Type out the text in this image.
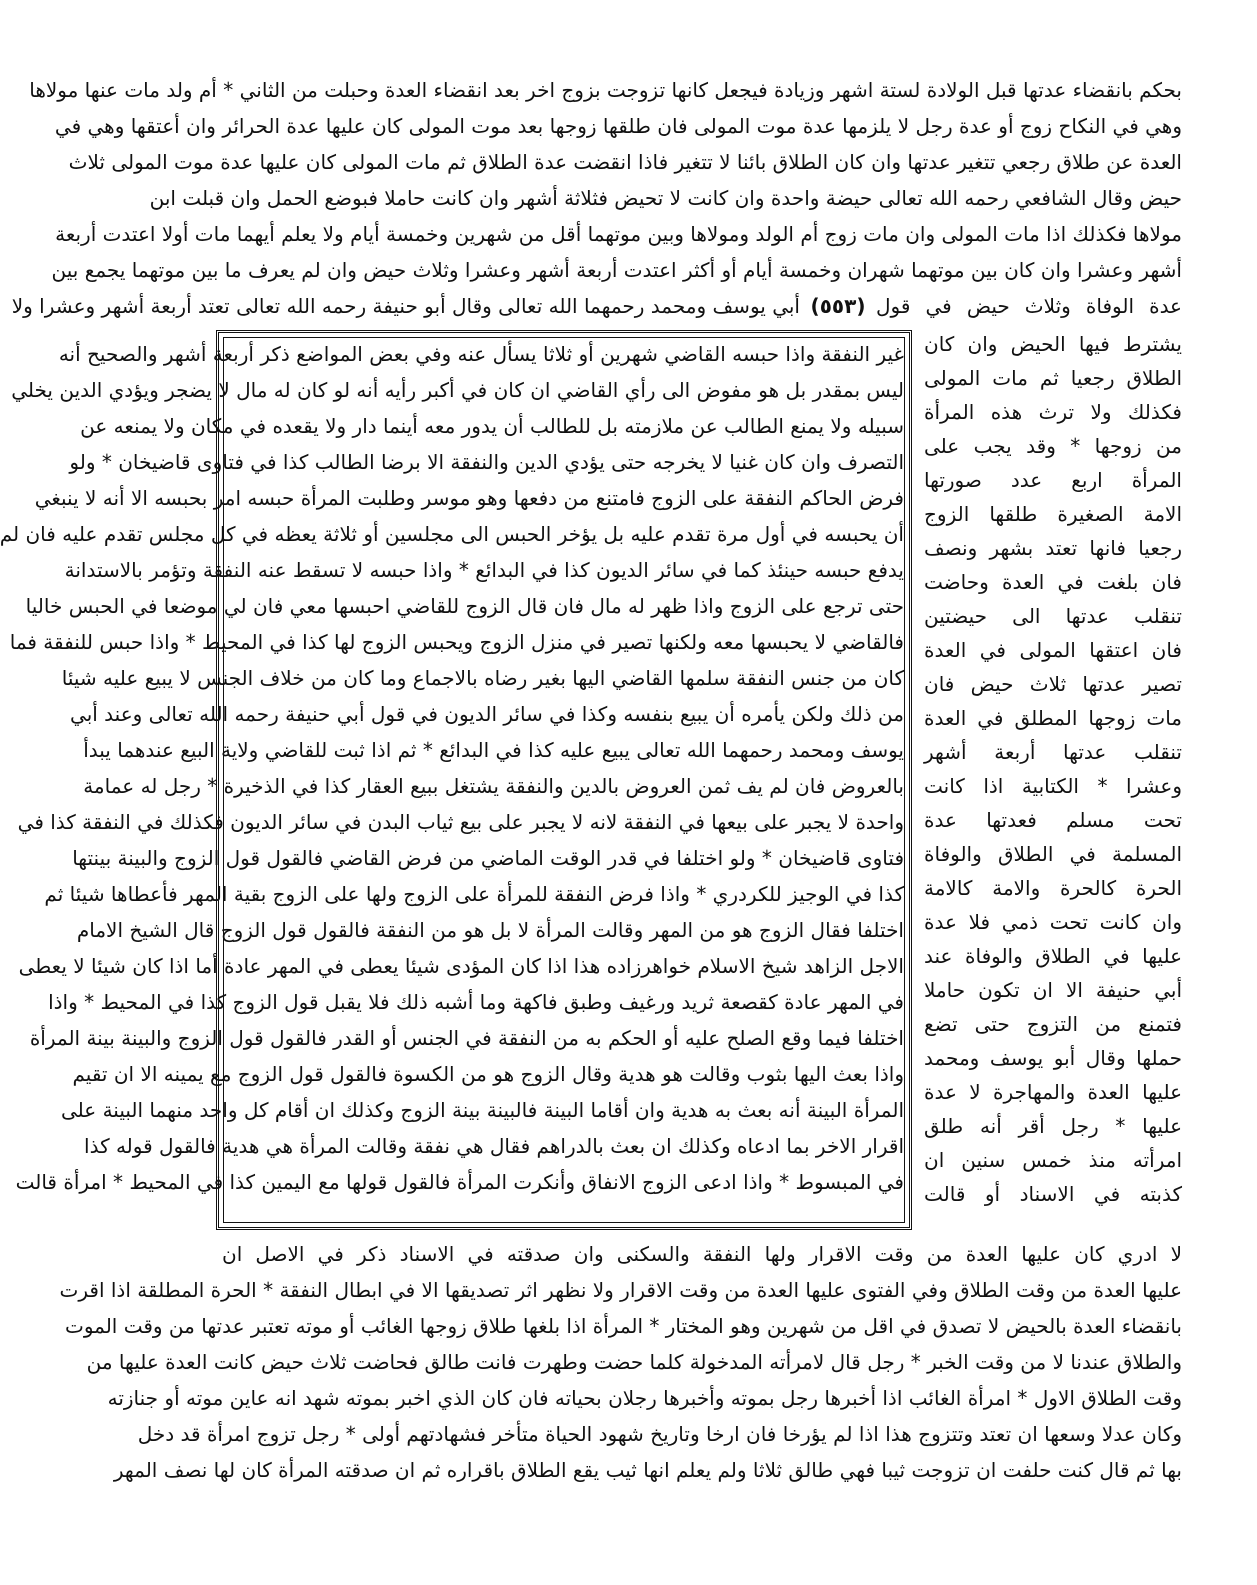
بحكم بانقضاء عدتها قبل الولادة لستة اشهر وزيادة فيجعل كانها تزوجت بزوج اخر بعد انقضاء العدة وحبلت من الثاني * أم ولد مات عنها مولاها
وهي في النكاح زوج أو عدة رجل لا يلزمها عدة موت المولى فان طلقها زوجها بعد موت المولى كان عليها عدة الحرائر وان أعتقها وهي في
العدة عن طلاق رجعي تتغير عدتها وان كان الطلاق بائنا لا تتغير فاذا انقضت عدة الطلاق ثم مات المولى كان عليها عدة موت المولى ثلاث
حيض وقال الشافعي رحمه الله تعالى حيضة واحدة وان كانت لا تحيض فثلاثة أشهر وان كانت حاملا فبوضع الحمل وان قبلت ابن
مولاها فكذلك اذا مات المولى وان مات زوج أم الولد ومولاها وبين موتهما أقل من شهرين وخمسة أيام ولا يعلم أيهما مات أولا اعتدت أربعة
أشهر وعشرا وان كان بين موتهما شهران وخمسة أيام أو أكثر اعتدت أربعة أشهر وعشرا وثلاث حيض وان لم يعرف ما بين موتهما يجمع بين
عدة الوفاة وثلاث حيض في قول
(٥٥٣)
أبي يوسف ومحمد رحمهما الله تعالى وقال أبو حنيفة رحمه الله تعالى تعتد أربعة أشهر وعشرا ولا
يشترط فيها الحيض وان كان
الطلاق رجعيا ثم مات المولى
فكذلك ولا ترث هذه المرأة
من زوجها * وقد يجب على
المرأة اربع عدد صورتها
الامة الصغيرة طلقها الزوج
رجعيا فانها تعتد بشهر ونصف
فان بلغت في العدة وحاضت
تنقلب عدتها الى حيضتين
فان اعتقها المولى في العدة
تصير عدتها ثلاث حيض فان
مات زوجها المطلق في العدة
تنقلب عدتها أربعة أشهر
وعشرا * الكتابية اذا كانت
تحت مسلم فعدتها عدة
المسلمة في الطلاق والوفاة
الحرة كالحرة والامة كالامة
وان كانت تحت ذمي فلا عدة
عليها في الطلاق والوفاة عند
أبي حنيفة الا ان تكون حاملا
فتمنع من التزوج حتى تضع
حملها وقال أبو يوسف ومحمد
عليها العدة والمهاجرة لا عدة
عليها * رجل أقر أنه طلق
امرأته منذ خمس سنين ان
كذبته في الاسناد أو قالت
غير النفقة واذا حبسه القاضي شهرين أو ثلاثا يسأل عنه وفي بعض المواضع ذكر أربعة أشهر والصحيح أنه
ليس بمقدر بل هو مفوض الى رأي القاضي ان كان في أكبر رأيه أنه لو كان له مال لا يضجر ويؤدي الدين يخلي
سبيله ولا يمنع الطالب عن ملازمته بل للطالب أن يدور معه أينما دار ولا يقعده في مكان ولا يمنعه عن
التصرف وان كان غنيا لا يخرجه حتى يؤدي الدين والنفقة الا برضا الطالب كذا في فتاوى قاضيخان * ولو
فرض الحاكم النفقة على الزوج فامتنع من دفعها وهو موسر وطلبت المرأة حبسه امر بحبسه الا أنه لا ينبغي
أن يحبسه في أول مرة تقدم عليه بل يؤخر الحبس الى مجلسين أو ثلاثة يعظه في كل مجلس تقدم عليه فان لم
يدفع حبسه حينئذ كما في سائر الديون كذا في البدائع * واذا حبسه لا تسقط عنه النفقة وتؤمر بالاستدانة
حتى ترجع على الزوج واذا ظهر له مال فان قال الزوج للقاضي احبسها معي فان لي موضعا في الحبس خاليا
فالقاضي لا يحبسها معه ولكنها تصير في منزل الزوج ويحبس الزوج لها كذا في المحيط * واذا حبس للنفقة فما
كان من جنس النفقة سلمها القاضي اليها بغير رضاه بالاجماع وما كان من خلاف الجنس لا يبيع عليه شيئا
من ذلك ولكن يأمره أن يبيع بنفسه وكذا في سائر الديون في قول أبي حنيفة رحمه الله تعالى وعند أبي
يوسف ومحمد رحمهما الله تعالى يبيع عليه كذا في البدائع * ثم اذا ثبت للقاضي ولاية البيع عندهما يبدأ
بالعروض فان لم يف ثمن العروض بالدين والنفقة يشتغل ببيع العقار كذا في الذخيرة * رجل له عمامة
واحدة لا يجبر على بيعها في النفقة لانه لا يجبر على بيع ثياب البدن في سائر الديون فكذلك في النفقة كذا في
فتاوى قاضيخان * ولو اختلفا في قدر الوقت الماضي من فرض القاضي فالقول قول الزوج والبينة بينتها
كذا في الوجيز للكردري * واذا فرض النفقة للمرأة على الزوج ولها على الزوج بقية المهر فأعطاها شيئا ثم
اختلفا فقال الزوج هو من المهر وقالت المرأة لا بل هو من النفقة فالقول قول الزوج قال الشيخ الامام
الاجل الزاهد شيخ الاسلام خواهرزاده هذا اذا كان المؤدى شيئا يعطى في المهر عادة أما اذا كان شيئا لا يعطى
في المهر عادة كقصعة ثريد ورغيف وطبق فاكهة وما أشبه ذلك فلا يقبل قول الزوج كذا في المحيط * واذا
اختلفا فيما وقع الصلح عليه أو الحكم به من النفقة في الجنس أو القدر فالقول قول الزوج والبينة بينة المرأة
واذا بعث اليها بثوب وقالت هو هدية وقال الزوج هو من الكسوة فالقول قول الزوج مع يمينه الا ان تقيم
المرأة البينة أنه بعث به هدية وان أقاما البينة فالبينة بينة الزوج وكذلك ان أقام كل واحد منهما البينة على
اقرار الاخر بما ادعاه وكذلك ان بعث بالدراهم فقال هي نفقة وقالت المرأة هي هدية فالقول قوله كذا
في المبسوط * واذا ادعى الزوج الانفاق وأنكرت المرأة فالقول قولها مع اليمين كذا في المحيط * امرأة قالت
لا ادري كان عليها العدة من وقت الاقرار ولها النفقة والسكنى وان صدقته في الاسناد ذكر في الاصل ان
عليها العدة من وقت الطلاق وفي الفتوى عليها العدة من وقت الاقرار ولا نظهر اثر تصديقها الا في ابطال النفقة * الحرة المطلقة اذا اقرت
بانقضاء العدة بالحيض لا تصدق في اقل من شهرين وهو المختار * المرأة اذا بلغها طلاق زوجها الغائب أو موته تعتبر عدتها من وقت الموت
والطلاق عندنا لا من وقت الخبر * رجل قال لامرأته المدخولة كلما حضت وطهرت فانت طالق فحاضت ثلاث حيض كانت العدة عليها من
وقت الطلاق الاول * امرأة الغائب اذا أخبرها رجل بموته وأخبرها رجلان بحياته فان كان الذي اخبر بموته شهد انه عاين موته أو جنازته
وكان عدلا وسعها ان تعتد وتتزوج هذا اذا لم يؤرخا فان ارخا وتاريخ شهود الحياة متأخر فشهادتهم أولى * رجل تزوج امرأة قد دخل
بها ثم قال كنت حلفت ان تزوجت ثيبا فهي طالق ثلاثا ولم يعلم انها ثيب يقع الطلاق باقراره ثم ان صدقته المرأة كان لها نصف المهر
